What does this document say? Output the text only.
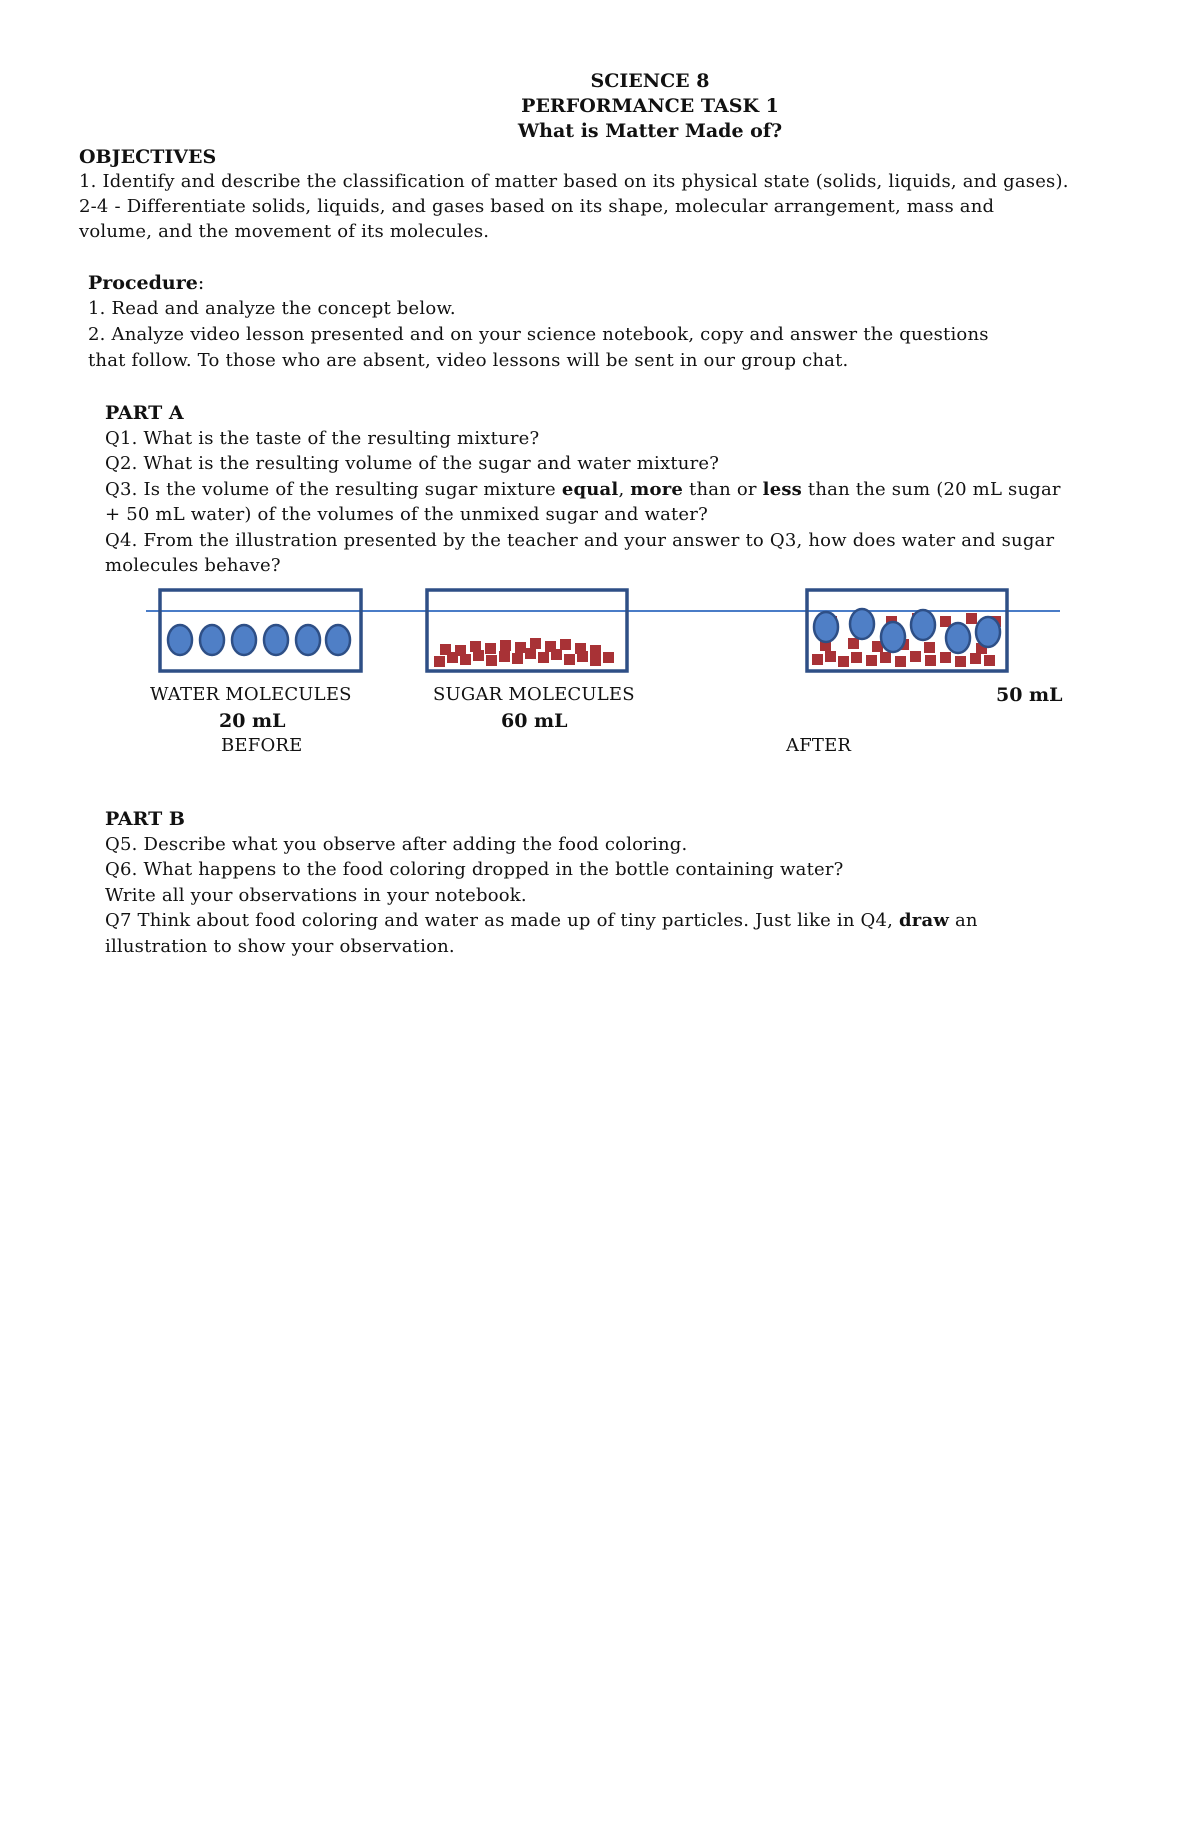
SCIENCE 8
PERFORMANCE TASK 1
What is Matter Made of?
OBJECTIVES
1. Identify and describe the classification of matter based on its physical state (solids, liquids, and gases).
2-4 - Differentiate solids, liquids, and gases based on its shape, molecular arrangement, mass and
volume, and the movement of its molecules.
Procedure:
1. Read and analyze the concept below.
2. Analyze video lesson presented and on your science notebook, copy and answer the questions
that follow. To those who are absent, video lessons will be sent in our group chat.
PART A
Q1. What is the taste of the resulting mixture?
Q2. What is the resulting volume of the sugar and water mixture?
Q3. Is the volume of the resulting sugar mixture equal, more than or less than the sum (20 mL sugar
+ 50 mL water) of the volumes of the unmixed sugar and water?
Q4. From the illustration presented by the teacher and your answer to Q3, how does water and sugar
molecules behave?
WATER MOLECULES
20 mL
BEFORE
SUGAR MOLECULES
60 mL
AFTER
50 mL
PART B
Q5. Describe what you observe after adding the food coloring.
Q6. What happens to the food coloring dropped in the bottle containing water?
Write all your observations in your notebook.
Q7 Think about food coloring and water as made up of tiny particles. Just like in Q4, draw an
illustration to show your observation.
